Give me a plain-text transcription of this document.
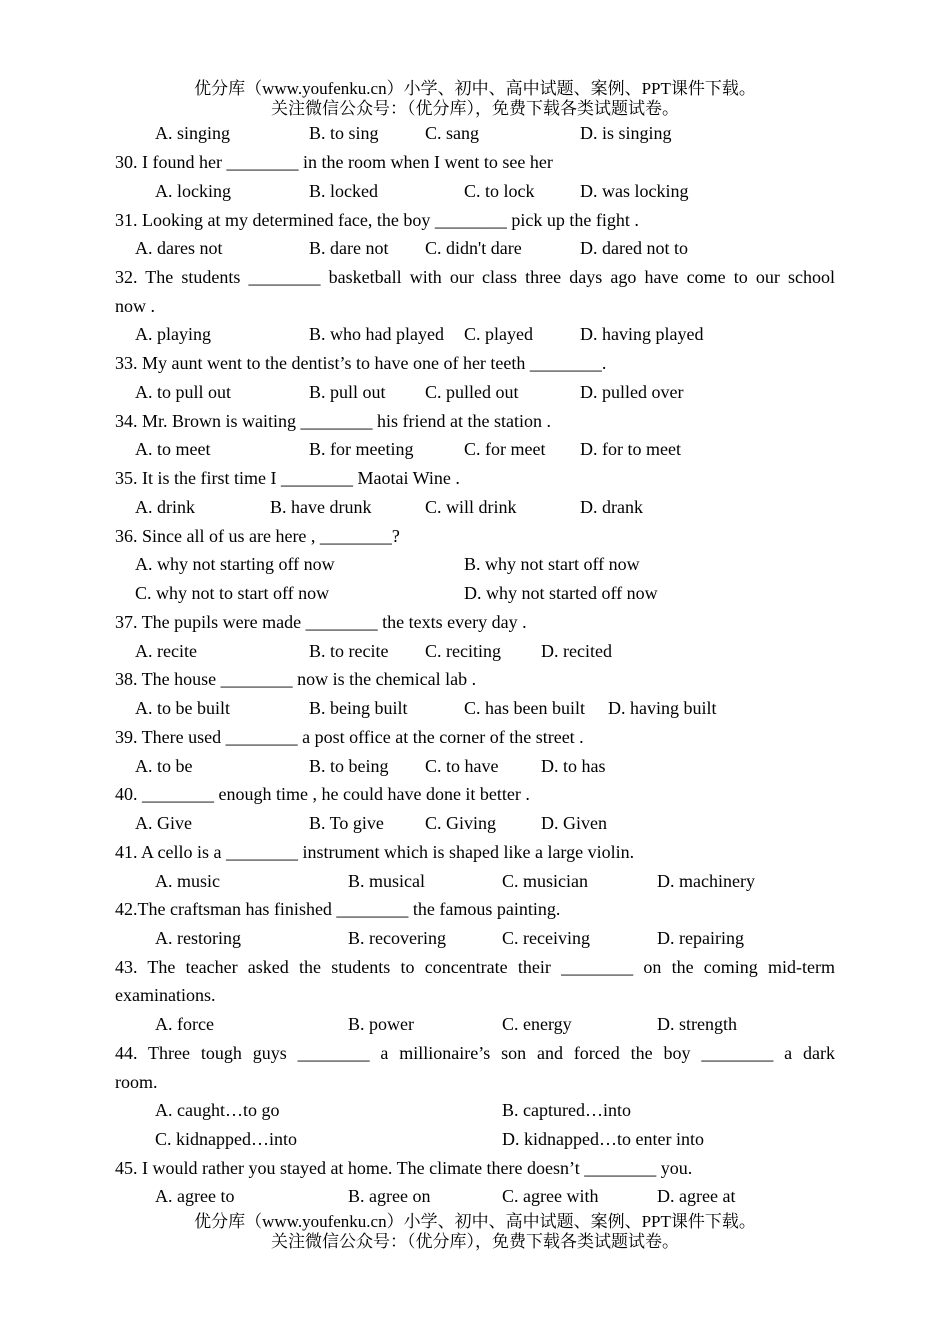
优分库（www.youfenku.cn）小学、初中、高中试题、案例、PPT课件下载。
关注微信公众号：（优分库），免费下载各类试题试卷。
A. singing	B. to sing	C. sang	D. is singing
30. I found her ________ in the room when I went to see her
A. locking	B. locked	C. to lock	D. was locking
31. Looking at my determined face, the boy ________ pick up the fight .
A. dares not	B. dare not C. didn't dare	D. dared not to
32. The students ________ basketball with our class three days ago have come to our school
now .
A. playing	B. who had played C. played	D. having played
33. My aunt went to the dentist’s to have one of her teeth ________.
A. to pull out	B. pull out C. pulled out	D. pulled over
34. Mr. Brown is waiting ________ his friend at the station .
A. to meet	B. for meeting	C. for meet D. for to meet
35. It is the first time I ________ Maotai Wine .
A. drink	B. have drunk	C. will drink	D. drank
36. Since all of us are here , ________?
A. why not starting off now	B. why not start off now
C. why not to start off now	D. why not started off now
37. The pupils were made ________ the texts every day .
A. recite	B. to recite C. reciting D. recited
38. The house ________ now is the chemical lab .
A. to be built	B. being built	C. has been built D. having built
39. There used ________ a post office at the corner of the street .
A. to be	B. to being C. to have D. to has
40. ________ enough time , he could have done it better .
A. Give	B. To give C. Giving D. Given
41. A cello is a ________ instrument which is shaped like a large violin.
A. music	B. musical	C. musician	D. machinery
42.The craftsman has finished ________ the famous painting.
A. restoring	B. recovering	C. receiving	D. repairing
43. The teacher asked the students to concentrate their ________ on the coming mid-term
examinations.
A. force	B. power	C. energy	D. strength
44. Three tough guys ________ a millionaire’s son and forced the boy ________ a dark
room.
A. caught…to go	B. captured…into
C. kidnapped…into	D. kidnapped…to enter into
45. I would rather you stayed at home. The climate there doesn’t ________ you.
A. agree to	B. agree on	C. agree with	D. agree at
优分库（www.youfenku.cn）小学、初中、高中试题、案例、PPT课件下载。
关注微信公众号：（优分库），免费下载各类试题试卷。
